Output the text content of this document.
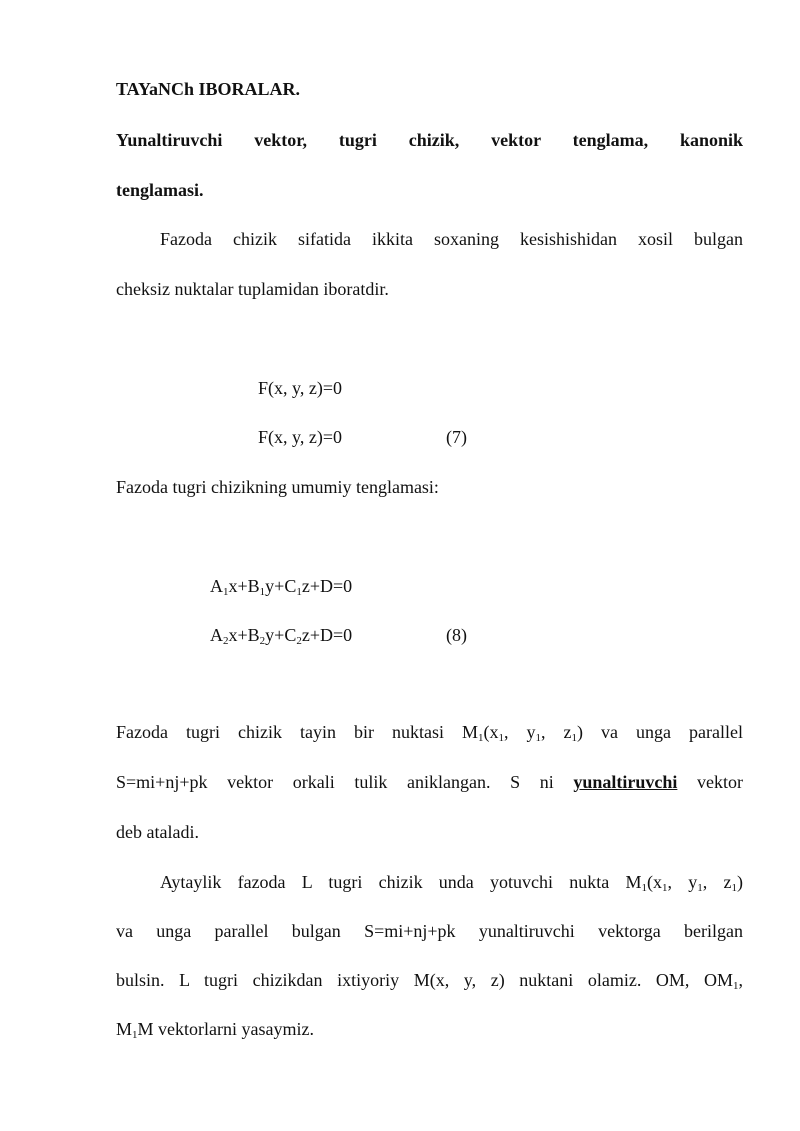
TAYaNCh IBORALAR.
Yunaltiruvchi vektor, tugri chizik, vektor tenglama, kanonik
tenglamasi.
Fazoda chizik sifatida ikkita soxaning kesishishidan xosil bulgan
cheksiz nuktalar tuplamidan iboratdir.
F(x, y, z)=0
F(x, y, z)=0	(7)
Fazoda tugri chizikning umumiy tenglamasi:
$A_1x+B_1y+C_1z+D=0$
$A_2x+B_2y+C_2z+D=0$	(8)
Fazoda tugri chizik tayin bir nuktasi $M_1(x_1$, $y_1$, $z_1$) va unga parallel
S=mi+nj+pk vektor orkali tulik aniklangan. S ni yunaltiruvchi vektor
deb ataladi.
Aytaylik fazoda L tugri chizik unda yotuvchi nukta $M_1(x_1$, $y_1$, $z_1$)
va unga parallel bulgan S=mi+nj+pk yunaltiruvchi vektorga berilgan
bulsin. L tugri chizikdan ixtiyoriy M(x, y, z) nuktani olamiz. OM, $OM_1$,
$M_1M$ vektorlarni yasaymiz.
